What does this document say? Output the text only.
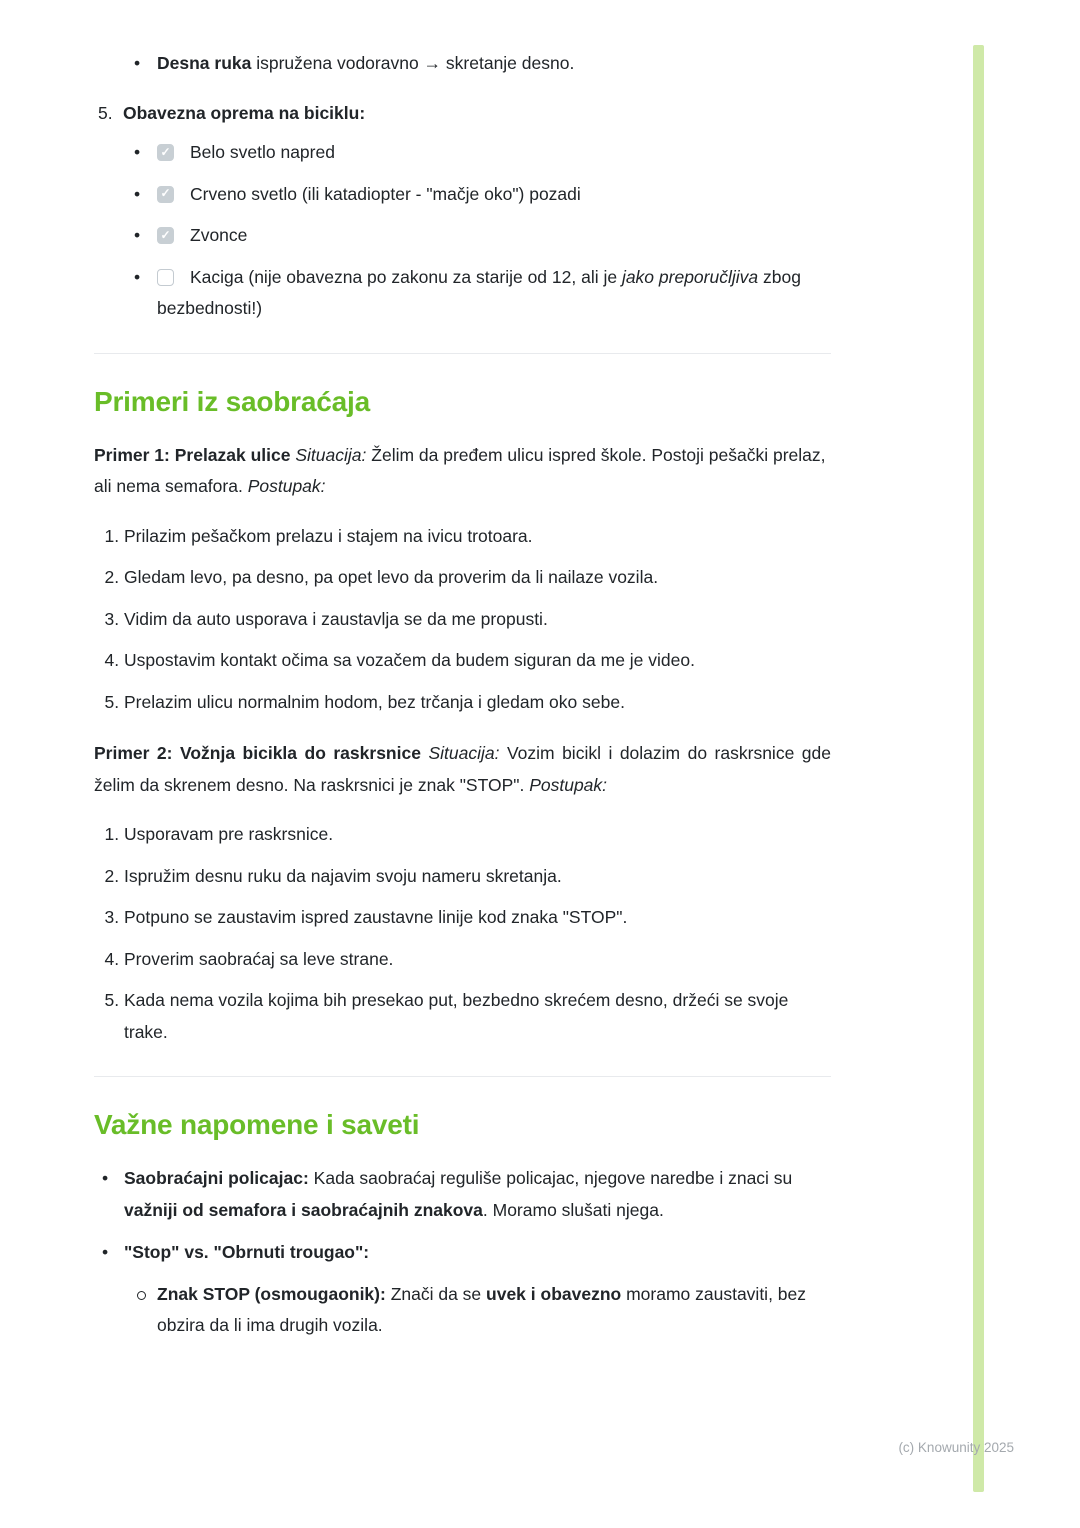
(c) Knowunity 2025
• Desna ruka ispružena vodoravno → skretanje desno.
5. Obavezna oprema na biciklu:
✓• Belo svetlo napred
✓• Crveno svetlo (ili katadiopter - "mačje oko") pozadi
✓• Zvonce
• Kaciga (nije obavezna po zakonu za starije od 12, ali je jako preporučljiva zbog bezbednosti!)
Primeri iz saobraćaja

Primer 1: Prelazak ulice Situacija: Želim da pređem ulicu ispred škole. Postoji pešački prelaz, ali nema semafora. Postupak:

1. Prilazim pešačkom prelazu i stajem na ivicu trotoara.
2. Gledam levo, pa desno, pa opet levo da proverim da li nailaze vozila.
3. Vidim da auto usporava i zaustavlja se da me propusti.
4. Uspostavim kontakt očima sa vozačem da budem siguran da me je video.
5. Prelazim ulicu normalnim hodom, bez trčanja i gledam oko sebe.

Primer 2: Vožnja bicikla do raskrsnice Situacija: Vozim bicikl i dolazim do raskrsnice gde želim da skrenem desno. Na raskrsnici je znak "STOP". Postupak:

1. Usporavam pre raskrsnice.
2. Ispružim desnu ruku da najavim svoju nameru skretanja.
3. Potpuno se zaustavim ispred zaustavne linije kod znaka "STOP".
4. Proverim saobraćaj sa leve strane.
5. Kada nema vozila kojima bih presekao put, bezbedno skrećem desno, držeći se svoje trake.
Važne napomene i saveti
• Saobraćajni policajac: Kada saobraćaj reguliše policajac, njegove naredbe i znaci su važniji od semafora i saobraćajnih znakova. Moramo slušati njega.
• "Stop" vs. "Obrnuti trougao":
Znak STOP (osmougaonik): Znači da se uvek i obavezno moramo zaustaviti, bez obzira da li ima drugih vozila.
